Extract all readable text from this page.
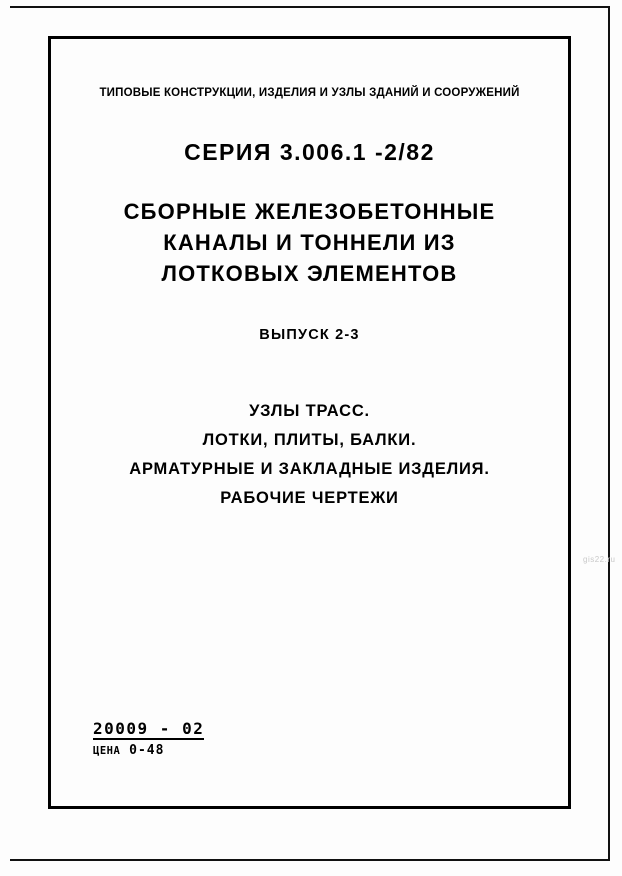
ТИПОВЫЕ КОНСТРУКЦИИ, ИЗДЕЛИЯ И УЗЛЫ ЗДАНИЙ И СООРУЖЕНИЙ
СЕРИЯ 3.006.1 -2/82
СБОРНЫЕ ЖЕЛЕЗОБЕТОННЫЕ
КАНАЛЫ И ТОННЕЛИ ИЗ
ЛОТКОВЫХ ЭЛЕМЕНТОВ
ВЫПУСК 2-3
УЗЛЫ ТРАСС.
ЛОТКИ, ПЛИТЫ, БАЛКИ.
АРМАТУРНЫЕ И ЗАКЛАДНЫЕ ИЗДЕЛИЯ.
РАБОЧИЕ ЧЕРТЕЖИ
gis22.ru
20009 - 02
ЦЕНА 0-48
